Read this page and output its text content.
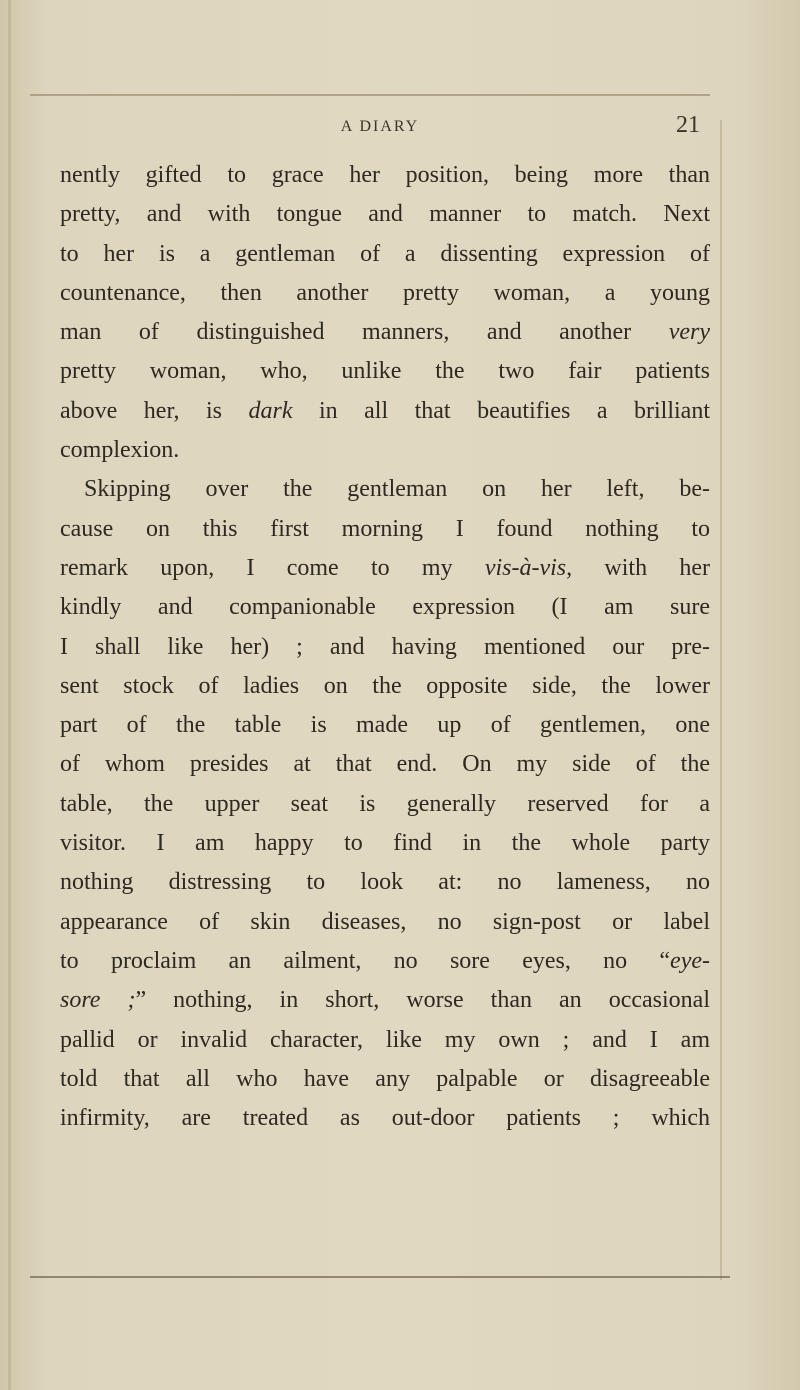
A DIARY	21
nently gifted to grace her position, being more than
pretty, and with tongue and manner to match. Next
to her is a gentleman of a dissenting expression of
countenance, then another pretty woman, a young
man of distinguished manners, and another very
pretty woman, who, unlike the two fair patients
above her, is dark in all that beautifies a brilliant
complexion.
Skipping over the gentleman on her left, be-
cause on this first morning I found nothing to
remark upon, I come to my vis-à-vis, with her
kindly and companionable expression (I am sure
I shall like her) ; and having mentioned our pre-
sent stock of ladies on the opposite side, the lower
part of the table is made up of gentlemen, one
of whom presides at that end. On my side of the
table, the upper seat is generally reserved for a
visitor. I am happy to find in the whole party
nothing distressing to look at: no lameness, no
appearance of skin diseases, no sign-post or label
to proclaim an ailment, no sore eyes, no “eye-
sore ;” nothing, in short, worse than an occasional
pallid or invalid character, like my own ; and I am
told that all who have any palpable or disagreeable
infirmity, are treated as out-door patients ; which
